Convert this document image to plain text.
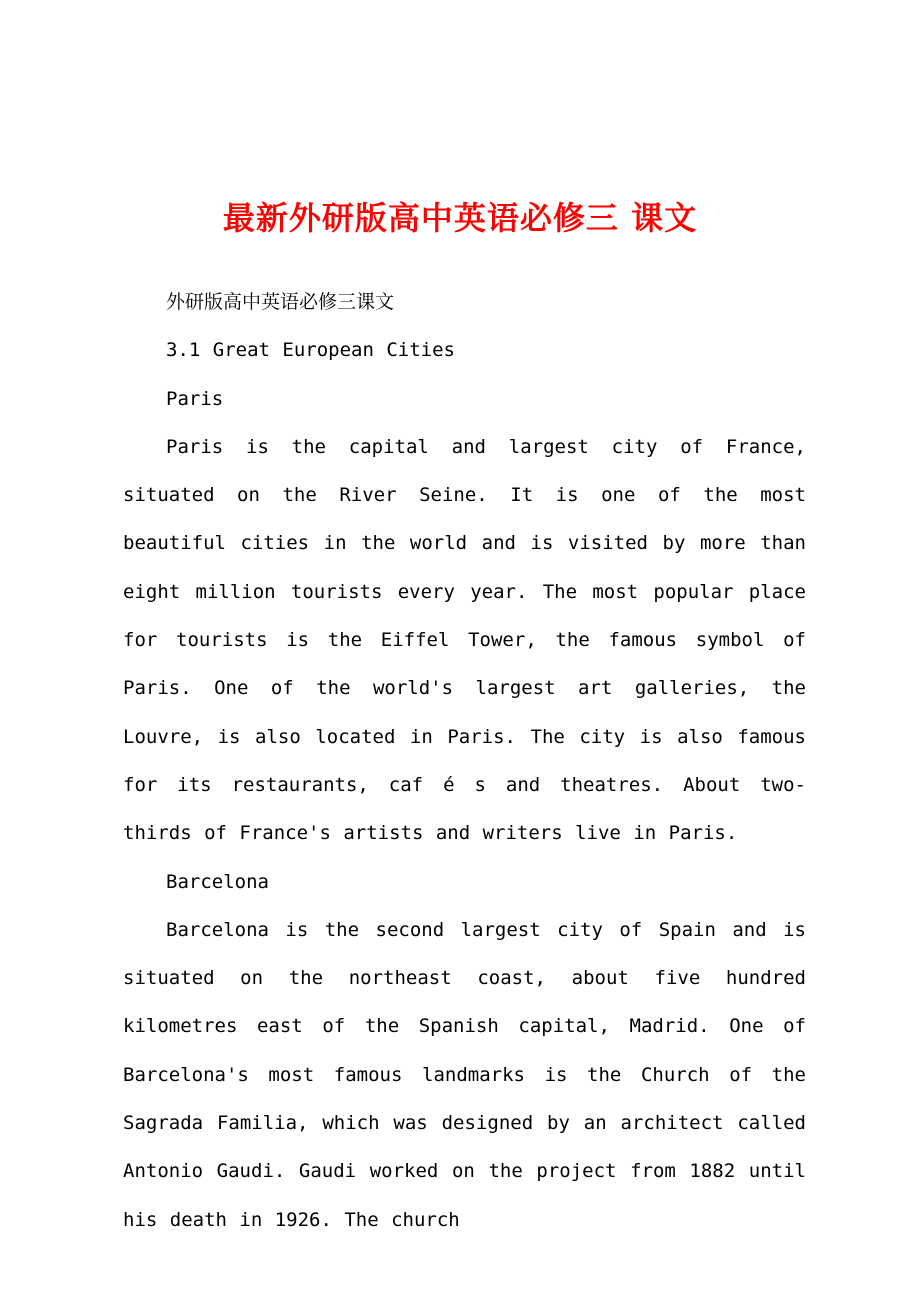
最新外研版高中英语必修三 课文

外研版高中英语必修三课文

3.1 Great European Cities

Paris

Paris is the capital and largest city of France, situated on the River Seine. It is one of the most beautiful cities in the world and is visited by more than eight million tourists every year. The most popular place for tourists is the Eiffel Tower, the famous symbol of Paris. One of the world's largest art galleries, the Louvre, is also located in Paris. The city is also famous for its restaurants, caf é s and theatres. About two-thirds of France's artists and writers live in Paris.

Barcelona

Barcelona is the second largest city of Spain and is situated on the northeast coast, about five hundred kilometres east of the Spanish capital, Madrid. One of Barcelona's most famous landmarks is the Church of the Sagrada Familia, which was designed by an architect called Antonio Gaudi. Gaudi worked on the project from 1882 until his death in 1926. The church
